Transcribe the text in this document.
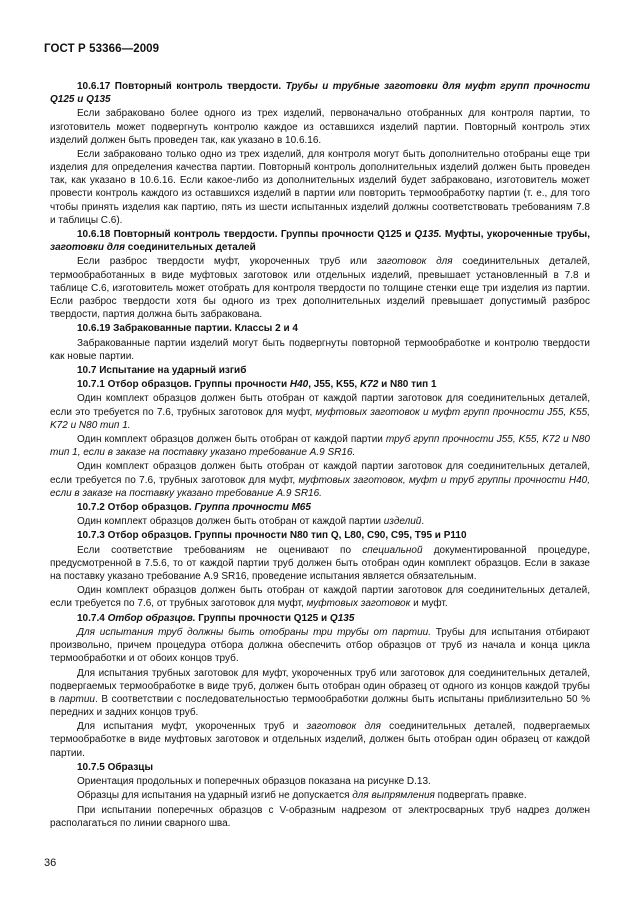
ГОСТ Р 53366—2009

10.6.17 Повторный контроль твердости. Трубы и трубные заготовки для муфт групп прочности Q125 и Q135

Если забраковано более одного из трех изделий, первоначально отобранных для контроля партии, то изготовитель может подвергнуть контролю каждое из оставшихся изделий партии. Повторный контроль этих изделий должен быть проведен так, как указано в 10.6.16.

Если забраковано только одно из трех изделий, для контроля могут быть дополнительно отобраны еще три изделия для определения качества партии. Повторный контроль дополнительных изделий должен быть проведен так, как указано в 10.6.16. Если какое-либо из дополнительных изделий будет забраковано, изготовитель может провести контроль каждого из оставшихся изделий в партии или повторить термообработку партии (т. е., для того чтобы принять изделия как партию, пять из шести испытанных изделий должны соответствовать требованиям 7.8 и таблицы С.6).

10.6.18 Повторный контроль твердости. Группы прочности Q125 и Q135. Муфты, укороченные трубы, заготовки для соединительных деталей

Если разброс твердости муфт, укороченных труб или заготовок для соединительных деталей, термообработанных в виде муфтовых заготовок или отдельных изделий, превышает установленный в 7.8 и таблице С.6, изготовитель может отобрать для контроля твердости по толщине стенки еще три изделия из партии. Если разброс твердости хотя бы одного из трех дополнительных изделий превышает допустимый разброс твердости, партия должна быть забракована.

10.6.19 Забракованные партии. Классы 2 и 4

Забракованные партии изделий могут быть подвергнуты повторной термообработке и контролю твердости как новые партии.

10.7 Испытание на ударный изгиб

10.7.1 Отбор образцов. Группы прочности H40, J55, K55, K72 и N80 тип 1

Один комплект образцов должен быть отобран от каждой партии заготовок для соединительных деталей, если это требуется по 7.6, трубных заготовок для муфт, муфтовых заготовок и муфт групп прочности J55, K55, K72 и N80 тип 1.

Один комплект образцов должен быть отобран от каждой партии труб групп прочности J55, K55, K72 и N80 тип 1, если в заказе на поставку указано требование А.9 SR16.

Один комплект образцов должен быть отобран от каждой партии заготовок для соединительных деталей, если требуется по 7.6, трубных заготовок для муфт, муфтовых заготовок, муфт и труб группы прочности H40, если в заказе на поставку указано требование А.9 SR16.

10.7.2 Отбор образцов. Группа прочности M65

Один комплект образцов должен быть отобран от каждой партии изделий.

10.7.3 Отбор образцов. Группы прочности N80 тип Q, L80, C90, C95, T95 и P110

Если соответствие требованиям не оценивают по специальной документированной процедуре, предусмотренной в 7.5.6, то от каждой партии труб должен быть отобран один комплект образцов. Если в заказе на поставку указано требование А.9 SR16, проведение испытания является обязательным.

Один комплект образцов должен быть отобран от каждой партии заготовок для соединительных деталей, если требуется по 7.6, от трубных заготовок для муфт, муфтовых заготовок и муфт.

10.7.4 Отбор образцов. Группы прочности Q125 и Q135

Для испытания труб должны быть отобраны три трубы от партии. Трубы для испытания отбирают произвольно, причем процедура отбора должна обеспечить отбор образцов от труб из начала и конца цикла термообработки и от обоих концов труб.

Для испытания трубных заготовок для муфт, укороченных труб или заготовок для соединительных деталей, подвергаемых термообработке в виде труб, должен быть отобран один образец от одного из концов каждой трубы в партии. В соответствии с последовательностью термообработки должны быть испытаны приблизительно 50 % передних и задних концов труб.

Для испытания муфт, укороченных труб и заготовок для соединительных деталей, подвергаемых термообработке в виде муфтовых заготовок и отдельных изделий, должен быть отобран один образец от каждой партии.

10.7.5 Образцы

Ориентация продольных и поперечных образцов показана на рисунке D.13.

Образцы для испытания на ударный изгиб не допускается для выпрямления подвергать правке.

При испытании поперечных образцов с V-образным надрезом от электросварных труб надрез должен располагаться по линии сварного шва.

36
